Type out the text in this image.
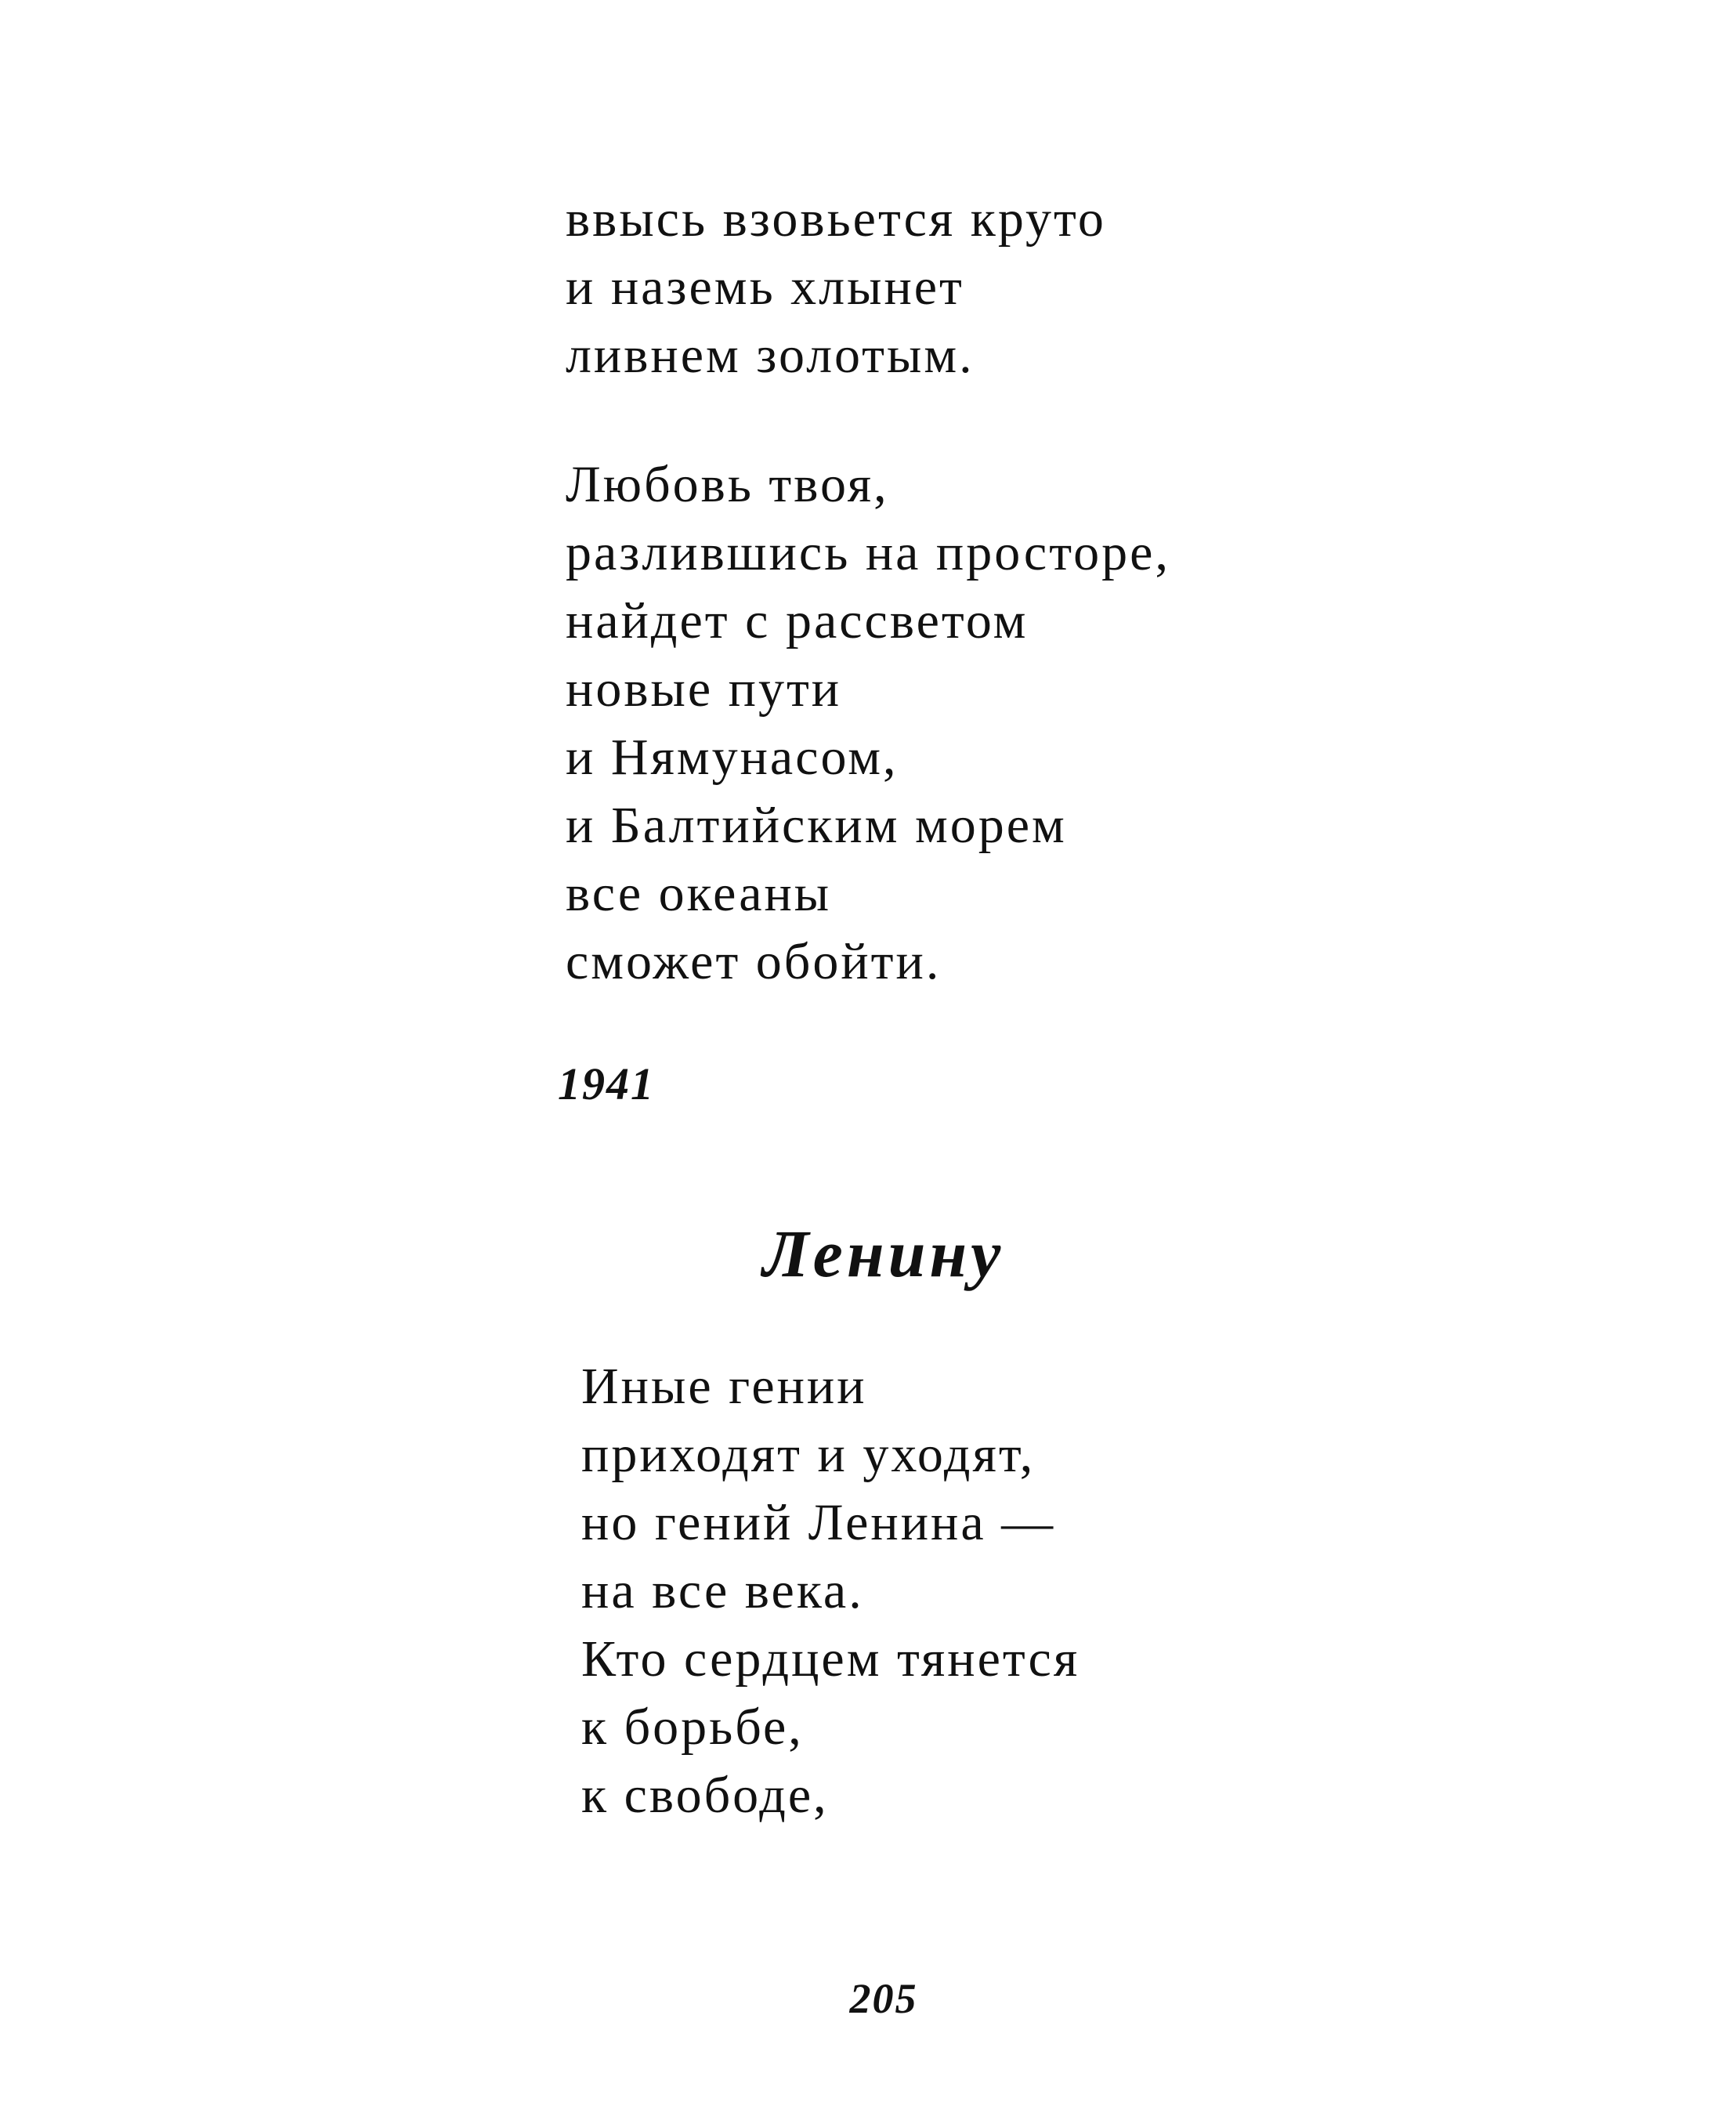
ввысь взовьется круто
и наземь хлынет
ливнем золотым.
Любовь твоя,
разлившись на просторе,
найдет с рассветом
новые пути
и Нямунасом,
и Балтийским морем
все океаны
сможет обойти.
1941
Ленину
Иные гении
приходят и уходят,
но гений Ленина —
на все века.
Кто сердцем тянется
к борьбе,
к свободе,
205
